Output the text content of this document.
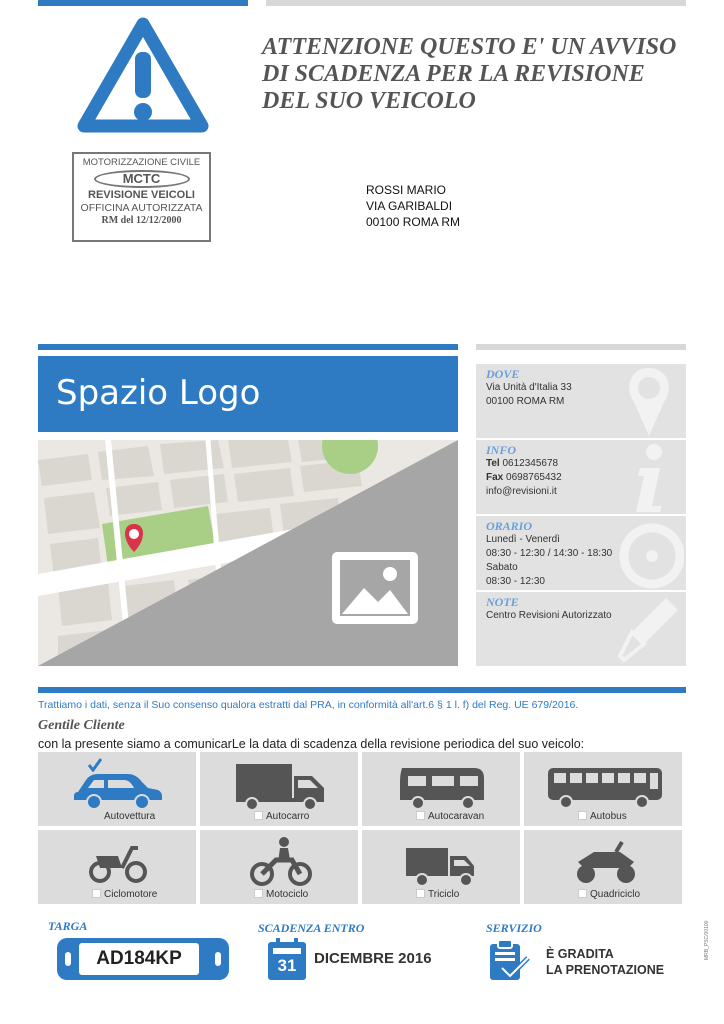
ATTENZIONE QUESTO E' UN AVVISO DI SCADENZA PER LA REVISIONE DEL SUO VEICOLO
MOTORIZZAZIONE CIVILE
MCTC
REVISIONE VEICOLI
OFFICINA AUTORIZZATA
RM del 12/12/2000
ROSSI MARIO
VIA GARIBALDI
00100 ROMA RM
Spazio Logo	DOVE
Via Unità d'Italia 33
00100 ROMA RM
INFO
Tel 0612345678
Fax 0698765432
info@revisioni.it
ORARIO
Lunedì - Venerdì
08:30 - 12:30 / 14:30 - 18:30
Sabato
08:30 - 12:30
NOTE
Centro Revisioni Autorizzato
Trattiamo i dati, senza il Suo consenso qualora estratti dal PRA, in conformità all'art.6 § 1 l. f) del Reg. UE 679/2016.
Gentile Cliente
con la presente siamo a comunicarLe la data di scadenza della revisione periodica del suo veicolo:
Autovettura	Autocarro	Autocaravan	Autobus
Ciclomotore	Motociclo	Triciclo	Quadriciclo
TARGA
AD184KP
SCADENZA ENTRO
31	DICEMBRE 2016
SERVIZIO
È GRADITA
LA PRENOTAZIONE
MRB_PSC/00100
